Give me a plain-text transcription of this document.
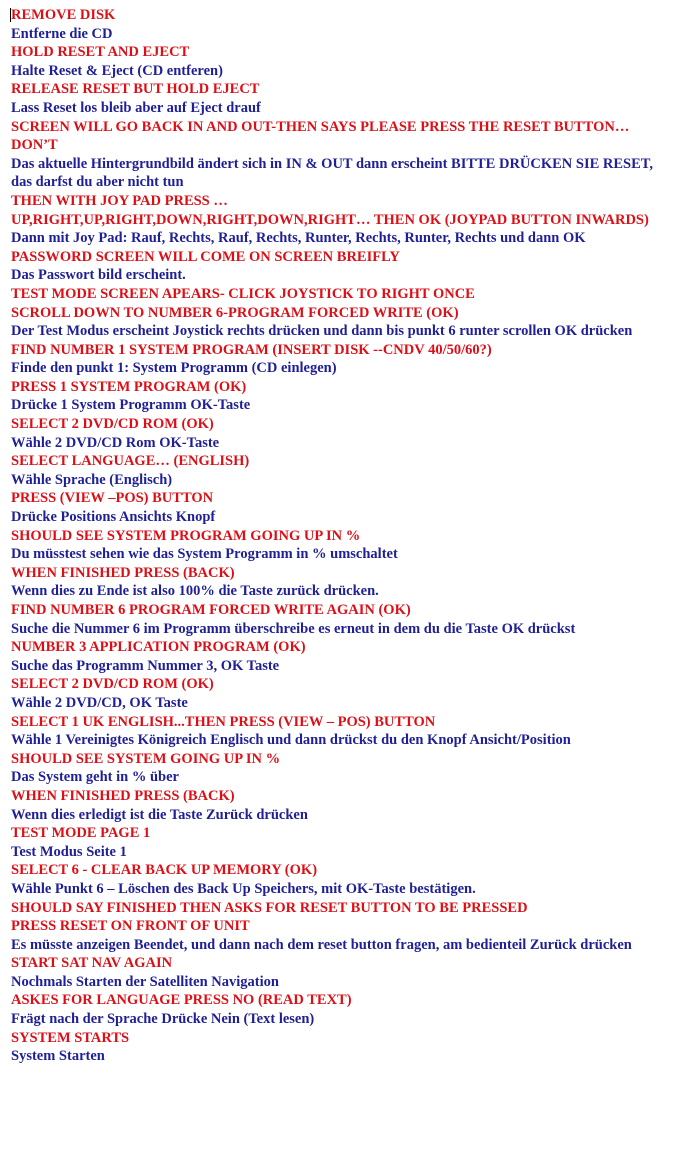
REMOVE DISK

Entferne die CD

HOLD RESET AND EJECT

Halte Reset & Eject (CD entferen)

RELEASE RESET BUT HOLD EJECT

Lass Reset los bleib aber auf Eject drauf

SCREEN WILL GO BACK IN AND OUT-THEN SAYS PLEASE PRESS THE RESET BUTTON…DON’T

Das aktuelle Hintergrundbild ändert sich in IN & OUT dann erscheint BITTE DRÜCKEN SIE RESET, das darfst du aber nicht tun

THEN WITH JOY PAD PRESS …

UP,RIGHT,UP,RIGHT,DOWN,RIGHT,DOWN,RIGHT… THEN OK (JOYPAD BUTTON INWARDS)

Dann mit Joy Pad: Rauf, Rechts, Rauf, Rechts, Runter, Rechts, Runter, Rechts und dann OK

PASSWORD SCREEN WILL COME ON SCREEN BREIFLY

Das Passwort bild erscheint.

TEST MODE SCREEN APEARS- CLICK JOYSTICK TO RIGHT ONCE

SCROLL DOWN TO NUMBER 6-PROGRAM FORCED WRITE (OK)

Der Test Modus erscheint Joystick rechts drücken und dann bis punkt 6 runter scrollen OK drücken

FIND NUMBER 1 SYSTEM PROGRAM (INSERT DISK --CNDV 40/50/60?)

Finde den punkt 1: System Programm (CD einlegen)

PRESS 1 SYSTEM PROGRAM (OK)

Drücke 1 System Programm OK-Taste

SELECT 2 DVD/CD ROM (OK)

Wähle 2 DVD/CD Rom OK-Taste

SELECT LANGUAGE… (ENGLISH)

Wähle Sprache (Englisch)

PRESS (VIEW –POS) BUTTON

Drücke Positions Ansichts Knopf

SHOULD SEE SYSTEM PROGRAM GOING UP IN %

Du müsstest sehen wie das System Programm in % umschaltet

WHEN FINISHED PRESS (BACK)

Wenn dies zu Ende ist also 100% die Taste zurück drücken.

FIND NUMBER 6 PROGRAM FORCED WRITE AGAIN (OK)

Suche die Nummer 6 im Programm überschreibe es erneut in dem du die Taste OK drückst

NUMBER 3 APPLICATION PROGRAM (OK)

Suche das Programm Nummer 3, OK Taste

SELECT 2 DVD/CD ROM (OK)

Wähle 2 DVD/CD, OK Taste

SELECT 1 UK ENGLISH...THEN PRESS (VIEW – POS) BUTTON

Wähle 1 Vereinigtes Königreich Englisch und dann drückst du den Knopf Ansicht/Position

SHOULD SEE SYSTEM GOING UP IN %

Das System geht in % über

WHEN FINISHED PRESS (BACK)

Wenn dies erledigt ist die Taste Zurück drücken

TEST MODE PAGE 1

Test Modus Seite 1

SELECT 6 - CLEAR BACK UP MEMORY (OK)

Wähle Punkt 6 – Löschen des Back Up Speichers, mit OK-Taste bestätigen.

SHOULD SAY FINISHED THEN ASKS FOR RESET BUTTON TO BE PRESSED

PRESS RESET ON FRONT OF UNIT

Es müsste anzeigen Beendet, und dann nach dem reset button fragen, am bedienteil Zurück drücken

START SAT NAV AGAIN

Nochmals Starten der Satelliten Navigation

ASKES FOR LANGUAGE PRESS NO (READ TEXT)

Frägt nach der Sprache Drücke Nein (Text lesen)

SYSTEM STARTS

System Starten
